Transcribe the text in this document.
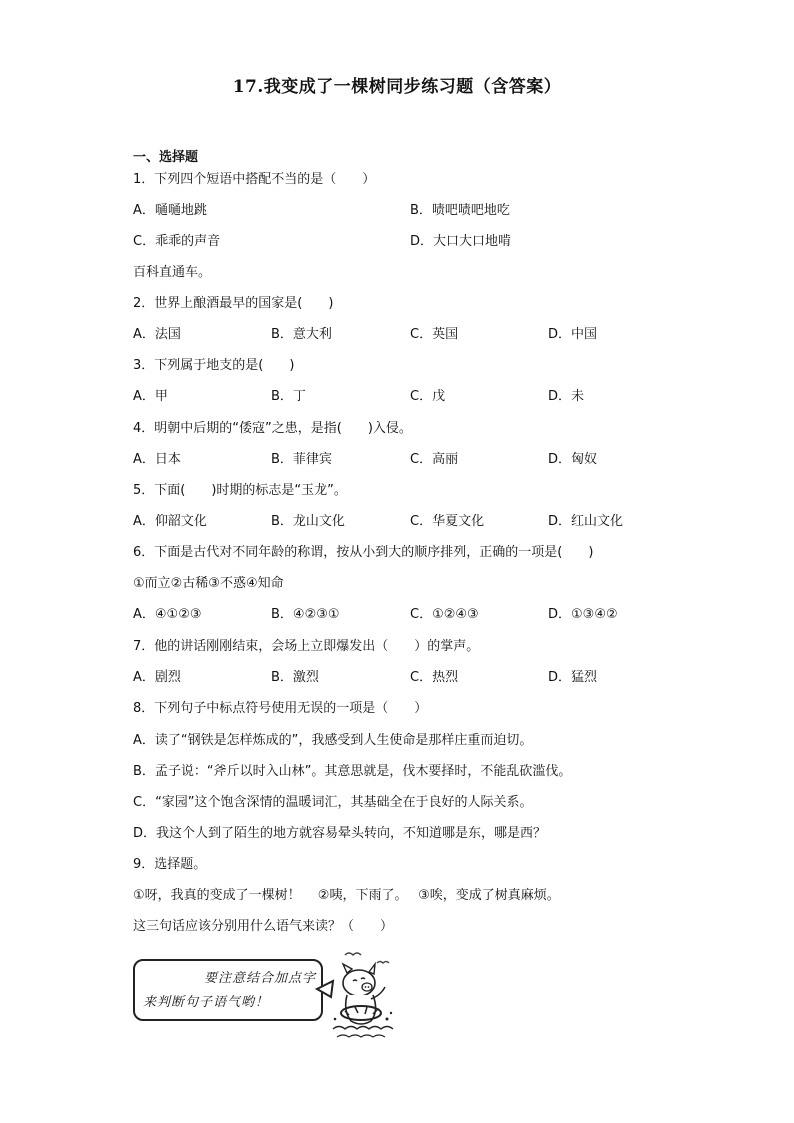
17.我变成了一棵树同步练习题（含答案）
一、选择题
1．下列四个短语中搭配不当的是（　　）
A．嗵嗵地跳	B．啧吧啧吧地吃
C．乖乖的声音	D．大口大口地啃
百科直通车。
2．世界上酿酒最早的国家是(　　)
A．法国	B．意大利	C．英国	D．中国
3．下列属于地支的是(　　)
A．甲	B．丁	C．戊	D．未
4．明朝中后期的“倭寇”之患，是指(　　)入侵。
A．日本	B．菲律宾	C．高丽	D．匈奴
5．下面(　　)时期的标志是“玉龙”。
A．仰韶文化	B．龙山文化	C．华夏文化	D．红山文化
6．下面是古代对不同年龄的称谓，按从小到大的顺序排列，正确的一项是(　　)
①而立②古稀③不惑④知命
A．④①②③	B．④②③①	C．①②④③	D．①③④②
7．他的讲话刚刚结束，会场上立即爆发出（　　）的掌声。
A．剧烈	B．激烈	C．热烈	D．猛烈
8．下列句子中标点符号使用无误的一项是（　　）
A．读了“钢铁是怎样炼成的”，我感受到人生使命是那样庄重而迫切。
B．孟子说：“斧斤以时入山林”。其意思就是，伐木要择时，不能乱砍滥伐。
C．“家园”这个饱含深情的温暖词汇，其基础全在于良好的人际关系。
D．我这个人到了陌生的地方就容易晕头转向，不知道哪是东，哪是西？
9．选择题。
①呀，我真的变成了一棵树！　 ②咦，下雨了。　 ③唉，变成了树真麻烦。
这三句话应该分别用什么语气来读？（　　）
要注意结合加点字
来判断句子语气哟！
